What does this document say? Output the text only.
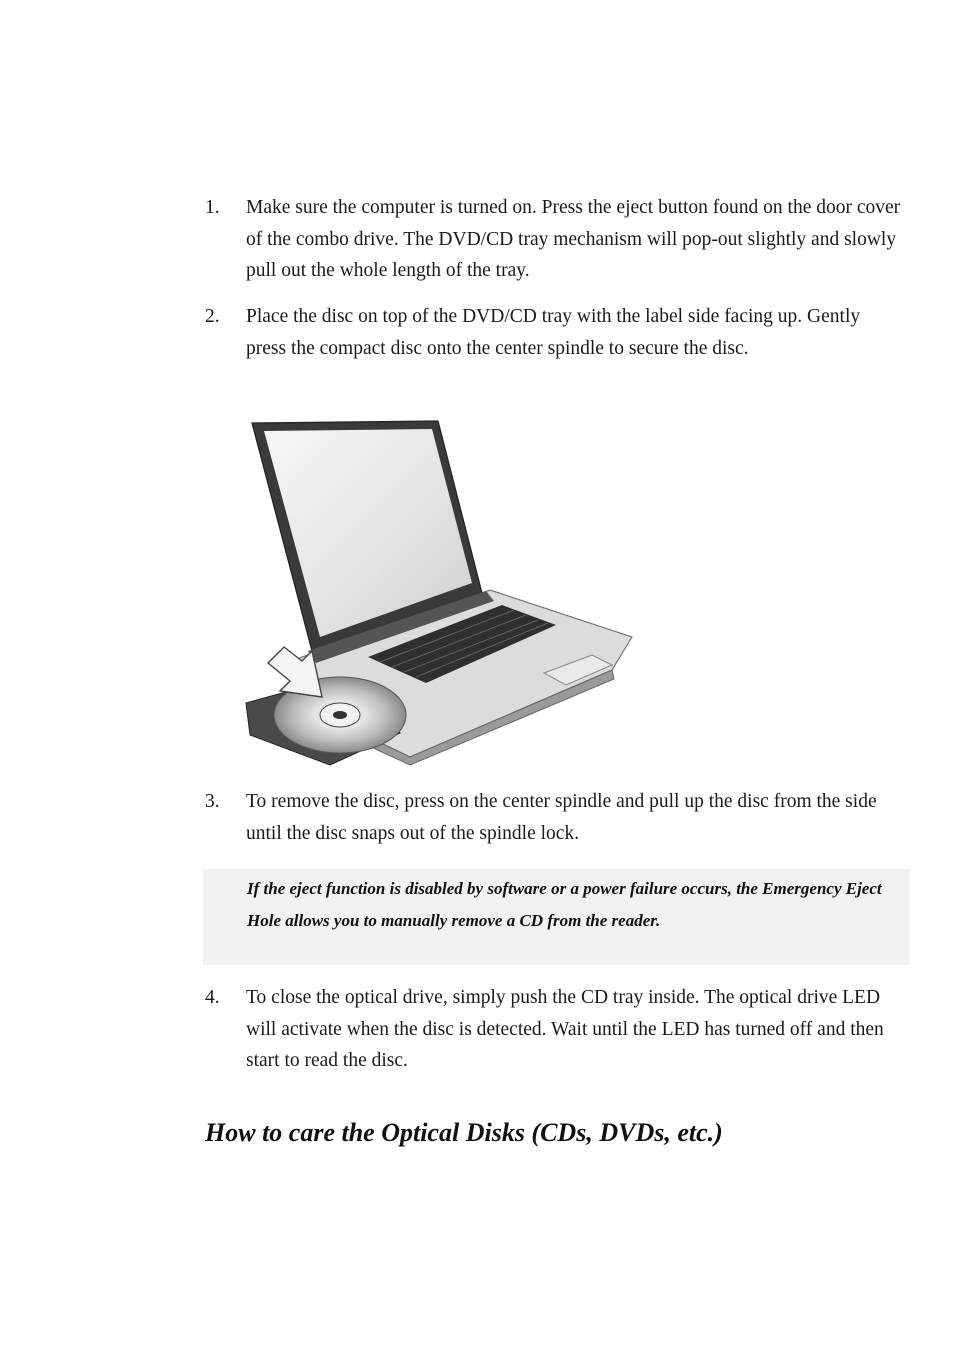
1. Make sure the computer is turned on. Press the eject button found on the door cover of the combo drive. The DVD/CD tray mechanism will pop-out slightly and slowly pull out the whole length of the tray.
2. Place the disc on top of the DVD/CD tray with the label side facing up. Gently press the compact disc onto the center spindle to secure the disc.
3. To remove the disc, press on the center spindle and pull up the disc from the side until the disc snaps out of the spindle lock.
If the eject function is disabled by software or a power failure occurs, the Emergency Eject Hole allows you to manually remove a CD from the reader.
4. To close the optical drive, simply push the CD tray inside. The optical drive LED will activate when the disc is detected. Wait until the LED has turned off and then start to read the disc.
How to care the Optical Disks (CDs, DVDs, etc.)
